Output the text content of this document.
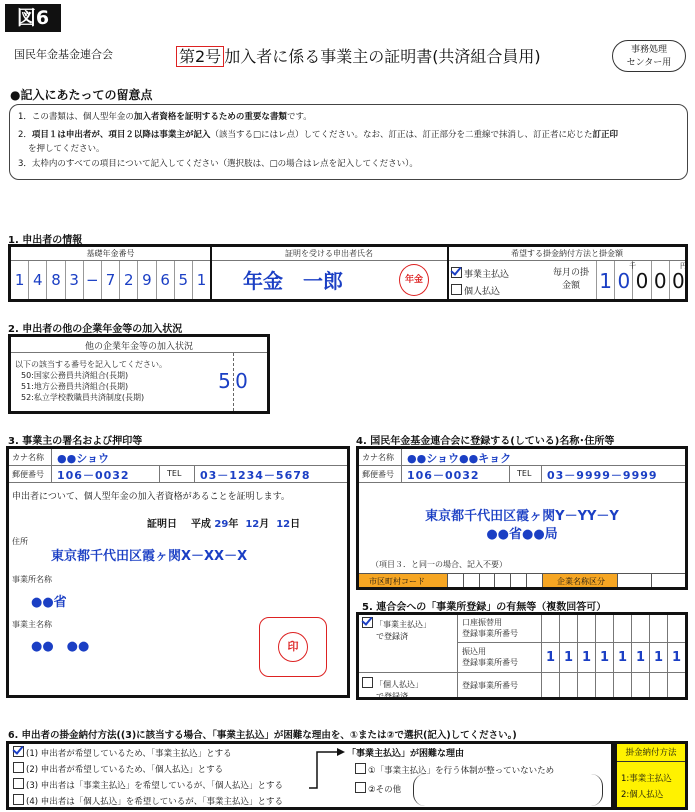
図6
国民年金基金連合会	第2号 加入者に係る事業主の証明書(共済組合員用)	事務処理
センター用
●記入にあたっての留意点
1．この書類は、個人型年金の加入者資格を証明するための重要な書類です。
2．項目１は申出者が、項目２以降は事業主が記入（該当する□にはレ点）してください。なお、訂正は、訂正部分を二重線で抹消し、訂正者に応じた訂正印
を押してください。
3．太枠内のすべての項目について記入してください（選択肢は、□の場合はレ点を記入してください）。
1. 申出者の情報
基礎年金番号	証明を受ける申出者氏名	希望する掛金納付方法と掛金額
1 4 8 3 − 7 2 9 6 5 1 年金　一郎	年金	事業主払込
個人払込
毎月の掛金額 1 0 0 0 0
千	円
2. 申出者の他の企業年金等の加入状況
他の企業年金等の加入状況
以下の該当する番号を記入してください。
50:国家公務員共済組合(長期)
51:地方公務員共済組合(長期)
52:私立学校教職員共済制度(長期)
5 0
3. 事業主の署名および押印等
カナ名称 ●●ショウ
郵便番号 106－0032	TEL 03－1234－5678
申出者について、個人型年金の加入者資格があることを証明します。
証明日 平成 29年 12月 12日
住所
東京都千代田区霞ヶ関X－XX－X
事業所名称
●●省
事業主名称
●●　●●	印
4. 国民年金基金連合会に登録する(している)名称･住所等
カナ名称 ●●ショウ●●キョク
郵便番号 106－0032	TEL 03－9999－9999
東京都千代田区霞ヶ関Y－YY－Y
●●省●●局
（項目３．と同一の場合、記入不要）
市区町村コード	企業名称区分
5. 連合会への「事業所登録」の有無等（複数回答可）
「事業主払込」
で登録済
「個人払込」
で登録済
口座振替用
登録事業所番号
振込用
登録事業所番号	1 1 1 1 1 1 1 1
登録事業所番号
6. 申出者の掛金納付方法((3)に該当する場合、「事業主払込」が困難な理由を、①または②で選択(記入)してください。)
(1) 申出者が希望しているため、「事業主払込」とする
(2) 申出者が希望しているため、「個人払込」とする
(3) 申出者は「事業主払込」を希望しているが、「個人払込」とする
(4) 申出者は「個人払込」を希望しているが、「事業主払込」とする
「事業主払込」が困難な理由
①「事業主払込」を行う体制が整っていないため
②その他
掛金納付方法
1:事業主払込
2:個人払込
